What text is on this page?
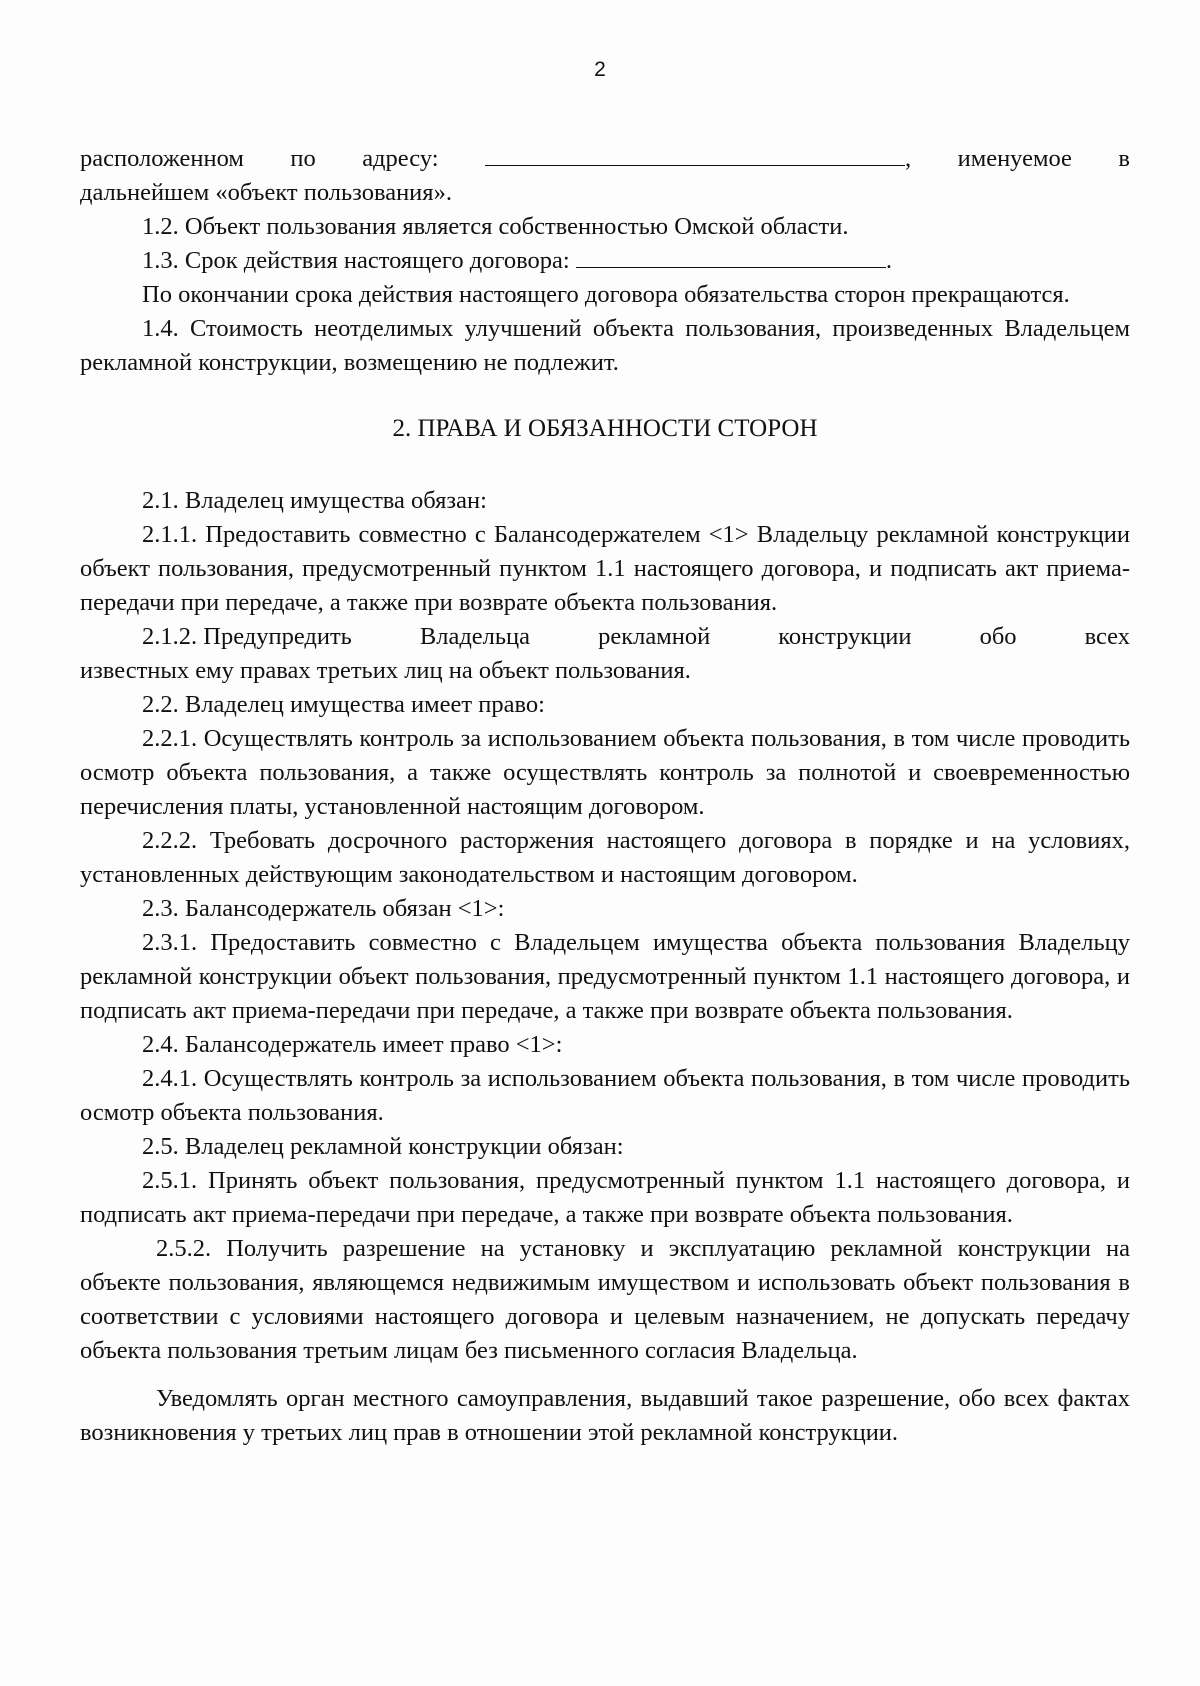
2
расположенном по адресу:	, именуемое в

дальнейшем «объект пользования».

1.2. Объект пользования является собственностью Омской области.

1.3. Срок действия настоящего договора:	.

По окончании срока действия настоящего договора обязательства сторон прекращаются.

1.4. Стоимость неотделимых улучшений объекта пользования, произведенных Владельцем рекламной конструкции, возмещению не подлежит.

2. ПРАВА И ОБЯЗАННОСТИ СТОРОН

2.1. Владелец имущества обязан:

2.1.1. Предоставить совместно с Балансодержателем <1> Владельцу рекламной конструкции объект пользования, предусмотренный пунктом 1.1 настоящего договора, и подписать акт приема-передачи при передаче, а также при возврате объекта пользования.

2.1.2. Предупредить	Владельца	рекламной	конструкции	обо	всех

известных ему правах третьих лиц на объект пользования.

2.2. Владелец имущества имеет право:

2.2.1. Осуществлять контроль за использованием объекта пользования, в том числе проводить осмотр объекта пользования, а также осуществлять контроль за полнотой и своевременностью перечисления платы, установленной настоящим договором.

2.2.2. Требовать досрочного расторжения настоящего договора в порядке и на условиях, установленных действующим законодательством и настоящим договором.

2.3. Балансодержатель обязан <1>:

2.3.1. Предоставить совместно с Владельцем имущества объекта пользования Владельцу рекламной конструкции объект пользования, предусмотренный пунктом 1.1 настоящего договора, и подписать акт приема-передачи при передаче, а также при возврате объекта пользования.

2.4. Балансодержатель имеет право <1>:

2.4.1. Осуществлять контроль за использованием объекта пользования, в том числе проводить осмотр объекта пользования.

2.5. Владелец рекламной конструкции обязан:

2.5.1. Принять объект пользования, предусмотренный пунктом 1.1 настоящего договора, и подписать акт приема-передачи при передаче, а также при возврате объекта пользования.

2.5.2. Получить разрешение на установку и эксплуатацию рекламной конструкции на объекте пользования, являющемся недвижимым имуществом и использовать объект пользования в соответствии с условиями настоящего договора и целевым назначением, не допускать передачу объекта пользования третьим лицам без письменного согласия Владельца.

Уведомлять орган местного самоуправления, выдавший такое разрешение, обо всех фактах возникновения у третьих лиц прав в отношении этой рекламной конструкции.
